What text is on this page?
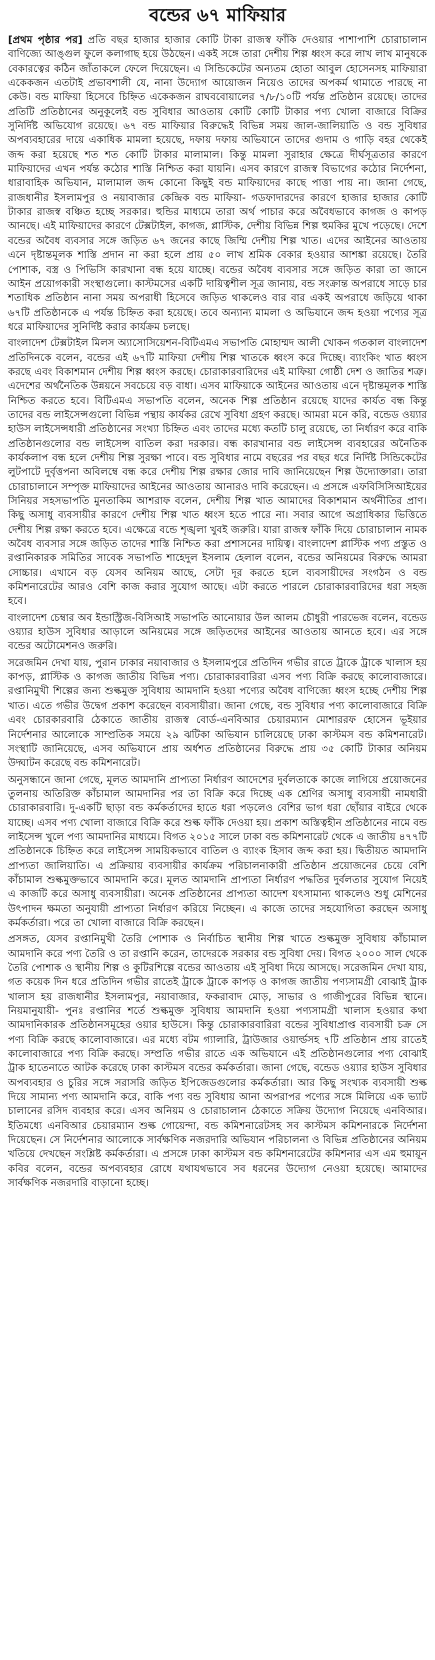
বন্ডের ৬৭ মাফিয়ার

[প্রথম পৃষ্ঠার পর] প্রতি বছর হাজার হাজার কোটি টাকা রাজস্ব ফাঁকি দেওয়ার পাশাপাশি চোরাচালান বাণিজ্যে আঙ্গুল ফুলে কলাগাছ হয়ে উঠছেন। একই সঙ্গে তারা দেশীয় শিল্প ধ্বংস করে লাখ লাখ মানুষকে বেকারত্বের কঠিন জাঁতাকলে ফেলে দিয়েছেন। এ সিন্ডিকেটের অন্যতম হোতা আবুল হোসেনসহ মাফিয়ারা একেকজন এতটাই প্রভাবশালী যে, নানা উদ্যোগ আয়োজন নিয়েও তাদের অপকর্ম থামাতে পারছে না কেউ। বন্ড মাফিয়া হিসেবে চিহ্নিত একেকজন রাঘববোয়ালের ৭/৮/১০টি পর্যন্ত প্রতিষ্ঠান রয়েছে। তাদের প্রতিটি প্রতিষ্ঠানের অনুকূলেই বন্ড সুবিধার আওতায় কোটি কোটি টাকার পণ্য খোলা বাজারে বিক্রির সুনির্দিষ্ট অভিযোগ রয়েছে। ৬৭ বন্ড মাফিয়ার বিরুদ্ধেই বিভিন্ন সময় জাল-জালিয়াতি ও বন্ড সুবিধার অপব্যবহারের দায়ে একাধিক মামলা হয়েছে, দফায় দফায় অভিযানে তাদের গুদাম ও গাড়ি বহর থেকেই জব্দ করা হয়েছে শত শত কোটি টাকার মালামাল। কিন্তু মামলা সুরাহার ক্ষেত্রে দীর্ঘসূত্রতার কারণে মাফিয়াদের এখন পর্যন্ত কঠোর শাস্তি নিশ্চিত করা যায়নি। এসব কারণে রাজস্ব বিভাগের কঠোর নির্দেশনা, ধারাবাহিক অভিযান, মালামাল জব্দ কোনো কিছুই বন্ড মাফিয়াদের কাছে পাত্তা পায় না। জানা গেছে, রাজধানীর ইসলামপুর ও নয়াবাজার কেন্দ্রিক বন্ড মাফিয়া- গডফাদারদের কারণে হাজার হাজার কোটি টাকার রাজস্ব বঞ্চিত হচ্ছে সরকার। হুন্ডির মাধ্যমে তারা অর্থ পাচার করে অবৈধভাবে কাগজ ও কাপড় আনছে। এই মাফিয়াদের কারণে টেক্সটাইল, কাগজ, প্লাস্টিক, দেশীয় বিভিন্ন শিল্প হুমকির মুখে পড়েছে। দেশে বন্ডের অবৈধ ব্যবসার সঙ্গে জড়িত ৬৭ জনের কাছে জিম্মি দেশীয় শিল্প খাত। এদের আইনের আওতায় এনে দৃষ্টান্তমূলক শাস্তি প্রদান না করা হলে প্রায় ৫০ লাখ শ্রমিক বেকার হওয়ার আশঙ্কা রয়েছে। তৈরি পোশাক, বস্ত্র ও পিভিসি কারখানা বন্ধ হয়ে যাচ্ছে। বন্ডের অবৈধ ব্যবসার সঙ্গে জড়িত কারা তা জানে আইন প্রয়োগকারী সংস্থাগুলো। কাস্টমসের একটি দায়িত্বশীল সূত্র জানায়, বন্ড সংক্রান্ত অপরাধে সাড়ে চার শতাধিক প্রতিষ্ঠান নানা সময় অপরাধী হিসেবে জড়িত থাকলেও বার বার একই অপরাধে জড়িয়ে থাকা ৬৭টি প্রতিষ্ঠানকে এ পর্যন্ত চিহ্নিত করা হয়েছে। তবে অন্যান্য মামলা ও অভিযানে জব্দ হওয়া পণ্যের সূত্র ধরে মাফিয়াদের সুনির্দিষ্ট করার কার্যক্রম চলছে।

বাংলাদেশ টেক্সটাইল মিলস অ্যাসোসিয়েশন-বিটিএমএ সভাপতি মোহাম্মদ আলী খোকন গতকাল বাংলাদেশ প্রতিদিনকে বলেন, বন্ডের এই ৬৭টি মাফিয়া দেশীয় শিল্প খাতকে ধ্বংস করে দিচ্ছে। ব্যাংকিং খাত ধ্বংস করছে এবং বিকাশমান দেশীয় শিল্প ধ্বংস করছে। চোরাকারবারিদের এই মাফিয়া গোষ্ঠী দেশ ও জাতির শত্রু। এদেশের অর্থনৈতিক উন্নয়নে সবচেয়ে বড় বাধা। এসব মাফিয়াকে আইনের আওতায় এনে দৃষ্টান্তমূলক শাস্তি নিশ্চিত করতে হবে। বিটিএমএ সভাপতি বলেন, অনেক শিল্প প্রতিষ্ঠান রয়েছে যাদের কার্যত বন্ধ কিন্তু তাদের বন্ড লাইসেন্সগুলো বিভিন্ন পন্থায় কার্যকর রেখে সুবিধা গ্রহণ করছে। আমরা মনে করি, বন্ডেড ওয়্যার হাউস লাইসেন্সধারী প্রতিষ্ঠানের সংখ্যা চিহ্নিত এবং তাদের মধ্যে কতটি চালু রয়েছে, তা নির্ধারণ করে বাকি প্রতিষ্ঠানগুলোর বন্ড লাইসেন্স বাতিল করা দরকার। বন্ধ কারখানার বন্ড লাইসেন্স ব্যবহারের অনৈতিক কার্যকলাপ বন্ধ হলে দেশীয় শিল্প সুরক্ষা পাবে। বন্ড সুবিধার নামে বছরের পর বছর ধরে নির্দিষ্ট সিন্ডিকেটের লুটপাটে দুর্বৃত্তপনা অবিলম্বে বন্ধ করে দেশীয় শিল্প রক্ষার জোর দাবি জানিয়েছেন শিল্প উদ্যোক্তারা। তারা চোরাচালানে সম্পৃক্ত মাফিয়াদের আইনের আওতায় আনারও দাবি করেছেন। এ প্রসঙ্গে এফবিসিসিআইয়ের সিনিয়র সহসভাপতি মুনতাকিম আশরাফ বলেন, দেশীয় শিল্প খাত আমাদের বিকাশমান অর্থনীতির প্রাণ। কিছু অসাধু ব্যবসায়ীর কারণে দেশীয় শিল্প খাত ধ্বংস হতে পারে না। সবার আগে অগ্রাধিকার ভিত্তিতে দেশীয় শিল্প রক্ষা করতে হবে। এক্ষেত্রে বন্ডে শৃঙ্খলা খুবই জরুরি। যারা রাজস্ব ফাঁকি দিয়ে চোরাচালান নামক অবৈধ ব্যবসার সঙ্গে জড়িত তাদের শাস্তি নিশ্চিত করা প্রশাসনের দায়িত্ব। বাংলাদেশ প্লাস্টিক পণ্য প্রস্তুত ও রপ্তানিকারক সমিতির সাবেক সভাপতি শাহেদুল ইসলাম হেলাল বলেন, বন্ডের অনিয়মের বিরুদ্ধে আমরা সোচ্চার। এখানে বড় যেসব অনিয়ম আছে, সেটা দূর করতে হলে ব্যবসায়ীদের সংগঠন ও বন্ড কমিশনারেটের আরও বেশি কাজ করার সুযোগ আছে। এটা করতে পারলে চোরাকারবারিদের ধরা সহজ হবে।

বাংলাদেশ চেম্বার অব ইন্ডাস্ট্রিজ-বিসিআই সভাপতি আনোয়ার উল আলম চৌধুরী পারভেজ বলেন, বন্ডেড ওয়্যার হাউস সুবিধার আড়ালে অনিয়মের সঙ্গে জড়িতদের আইনের আওতায় আনতে হবে। এর সঙ্গে বন্ডের অটোমেশনও জরুরি।

সরেজমিন দেখা যায়, পুরান ঢাকার নয়াবাজার ও ইসলামপুরে প্রতিদিন গভীর রাতে ট্রাকে ট্রাকে খালাস হয় কাপড়, প্লাস্টিক ও কাগজ জাতীয় বিভিন্ন পণ্য। চোরাকারবারিরা এসব পণ্য বিক্রি করছে কালোবাজারে। রপ্তানিমুখী শিল্পের জন্য শুল্কমুক্ত সুবিধায় আমদানি হওয়া পণ্যের অবৈধ বাণিজ্যে ধ্বংস হচ্ছে দেশীয় শিল্প খাত। এতে গভীর উদ্বেগ প্রকাশ করেছেন ব্যবসায়ীরা। জানা গেছে, বন্ড সুবিধার পণ্য কালোবাজারে বিক্রি এবং চোরকারবারি ঠেকাতে জাতীয় রাজস্ব বোর্ড-এনবিআর চেয়ারম্যান মোশাররফ হোসেন ভূইয়ার নির্দেশনার আলোকে সাম্প্রতিক সময়ে ২৯ ঝটিকা অভিযান চালিয়েছে ঢাকা কাস্টমস বন্ড কমিশনারেট। সংস্থাটি জানিয়েছে, এসব অভিযানে প্রায় অর্ধশত প্রতিষ্ঠানের বিরুদ্ধে প্রায় ৩৫ কোটি টাকার অনিয়ম উদ্ঘাটন করেছে বন্ড কমিশনারেট।

অনুসন্ধানে জানা গেছে, মূলত আমদানি প্রাপ্যতা নির্ধারণ আদেশের দুর্বলতাকে কাজে লাগিয়ে প্রয়োজনের তুলনায় অতিরিক্ত কাঁচামাল আমদানির পর তা বিক্রি করে দিচ্ছে এক শ্রেণির অসাধু ব্যবসায়ী নামধারী চোরাকারবারি। দু-একটি ছাড়া বন্ড কর্মকর্তাদের হাতে ধরা পড়লেও বেশির ভাগ ধরা ছোঁয়ার বাইরে থেকে যাচ্ছে। এসব পণ্য খোলা বাজারে বিক্রি করে শুল্ক ফাঁকি দেওয়া হয়। প্রকাশ অস্তিত্বহীন প্রতিষ্ঠানের নামে বন্ড লাইসেন্স খুলে পণ্য আমদানির মাধ্যমে। বিগত ২০১৫ সালে ঢাকা বন্ড কমিশনারেট থেকে এ জাতীয় ৪৭৭টি প্রতিষ্ঠানকে চিহ্নিত করে লাইসেন্স সাময়িকভাবে বাতিল ও ব্যাংক হিসাব জব্দ করা হয়। দ্বিতীয়ত আমদানি প্রাপ্যতা জালিয়াতি। এ প্রক্রিয়ায় ব্যবসায়ীর কার্যক্রম পরিচালনাকারী প্রতিষ্ঠান প্রয়োজনের চেয়ে বেশি কাঁচামাল শুল্কমুক্তভাবে আমদানি করে। মূলত আমদানি প্রাপ্যতা নির্ধারণ পদ্ধতির দুর্বলতার সুযোগ নিয়েই এ কাজটি করে অসাধু ব্যবসায়ীরা। অনেক প্রতিষ্ঠানের প্রাপ্যতা আদেশ যৎসামান্য থাকলেও শুধু মেশিনের উৎপাদন ক্ষমতা অনুযায়ী প্রাপ্যতা নির্ধারণ করিয়ে নিচ্ছেন। এ কাজে তাদের সহযোগিতা করছেন অসাধু কর্মকর্তারা। পরে তা খোলা বাজারে বিক্রি করছেন।

প্রসঙ্গত, যেসব রপ্তানিমুখী তৈরি পোশাক ও নির্বাচিত স্থানীয় শিল্প খাতে শুল্কমুক্ত সুবিধায় কাঁচামাল আমদানি করে পণ্য তৈরি ও তা রপ্তানি করেন, তাদেরকে সরকার বন্ড সুবিধা দেয়। বিগত ২০০০ সাল থেকে তৈরি পোশাক ও স্থানীয় শিল্প ও কুটিরশিল্পে বন্ডের আওতায় এই সুবিধা দিয়ে আসছে। সরেজমিন দেখা যায়, গত কয়েক দিন ধরে প্রতিদিন গভীর রাতেই ট্রাকে ট্রাকে কাপড় ও কাগজ জাতীয় পণ্যসামগ্রী বোঝাই ট্রাক খালাস হয় রাজধানীর ইসলামপুর, নয়াবাজার, ফকরাবাদ মোড়, সাভার ও গাজীপুরের বিভিন্ন স্থানে। নিয়মানুযায়ী- পুনঃ রপ্তানির শর্তে শুল্কমুক্ত সুবিধায় আমদানি হওয়া পণ্যসামগ্রী খালাস হওয়ার কথা আমদানিকারক প্রতিষ্ঠানসমূহের ওয়ার হাউসে। কিন্তু চোরাকারবারিরা বন্ডের সুবিধাপ্রাপ্ত ব্যবসায়ী চক্র সে পণ্য বিক্রি করছে কালোবাজারে। এর মধ্যে বটম গ্যালারি, ট্রাউজার ওয়ার্ল্ডসহ ৭টি প্রতিষ্ঠান প্রায় রাতেই কালোবাজারে পণ্য বিক্রি করছে। সম্প্রতি গভীর রাতে এক অভিযানে এই প্রতিষ্ঠানগুলোর পণ্য বোঝাই ট্রাক হাতেনাতে আটক করেছে ঢাকা কাস্টমস বন্ডের কর্মকর্তারা। জানা গেছে, বন্ডেড ওয়্যার হাউস সুবিধার অপব্যবহার ও চুরির সঙ্গে সরাসরি জড়িত ইপিজেডগুলোর কর্মকর্তারা। আর কিছু সংখ্যক ব্যবসায়ী শুল্ক দিয়ে সামান্য পণ্য আমদানি করে, বাকি পণ্য বন্ড সুবিধায় আনা অপরাপর পণ্যের সঙ্গে মিলিয়ে এক ভ্যাট চালানের রসিদ ব্যবহার করে। এসব অনিয়ম ও চোরাচালান ঠেকাতে সক্রিয় উদ্যোগ নিয়েছে এনবিআর। ইতিমধ্যে এনবিআর চেয়ারম্যান শুল্ক গোয়েন্দা, বন্ড কমিশনারেটসহ সব কাস্টমস কমিশনারকে নির্দেশনা দিয়েছেন। সে নির্দেশনার আলোকে সার্বক্ষণিক নজরদারি অভিযান পরিচালনা ও বিভিন্ন প্রতিষ্ঠানের অনিয়ম খতিয়ে দেখছেন সংশ্লিষ্ট কর্মকর্তারা। এ প্রসঙ্গে ঢাকা কাস্টমস বন্ড কমিশনারেটের কমিশনার এস এম হুমায়ূন কবির বলেন, বন্ডের অপব্যবহার রোধে যথাযথভাবে সব ধরনের উদ্যোগ নেওয়া হয়েছে। আমাদের সার্বক্ষণিক নজরদারি বাড়ানো হচ্ছে।
